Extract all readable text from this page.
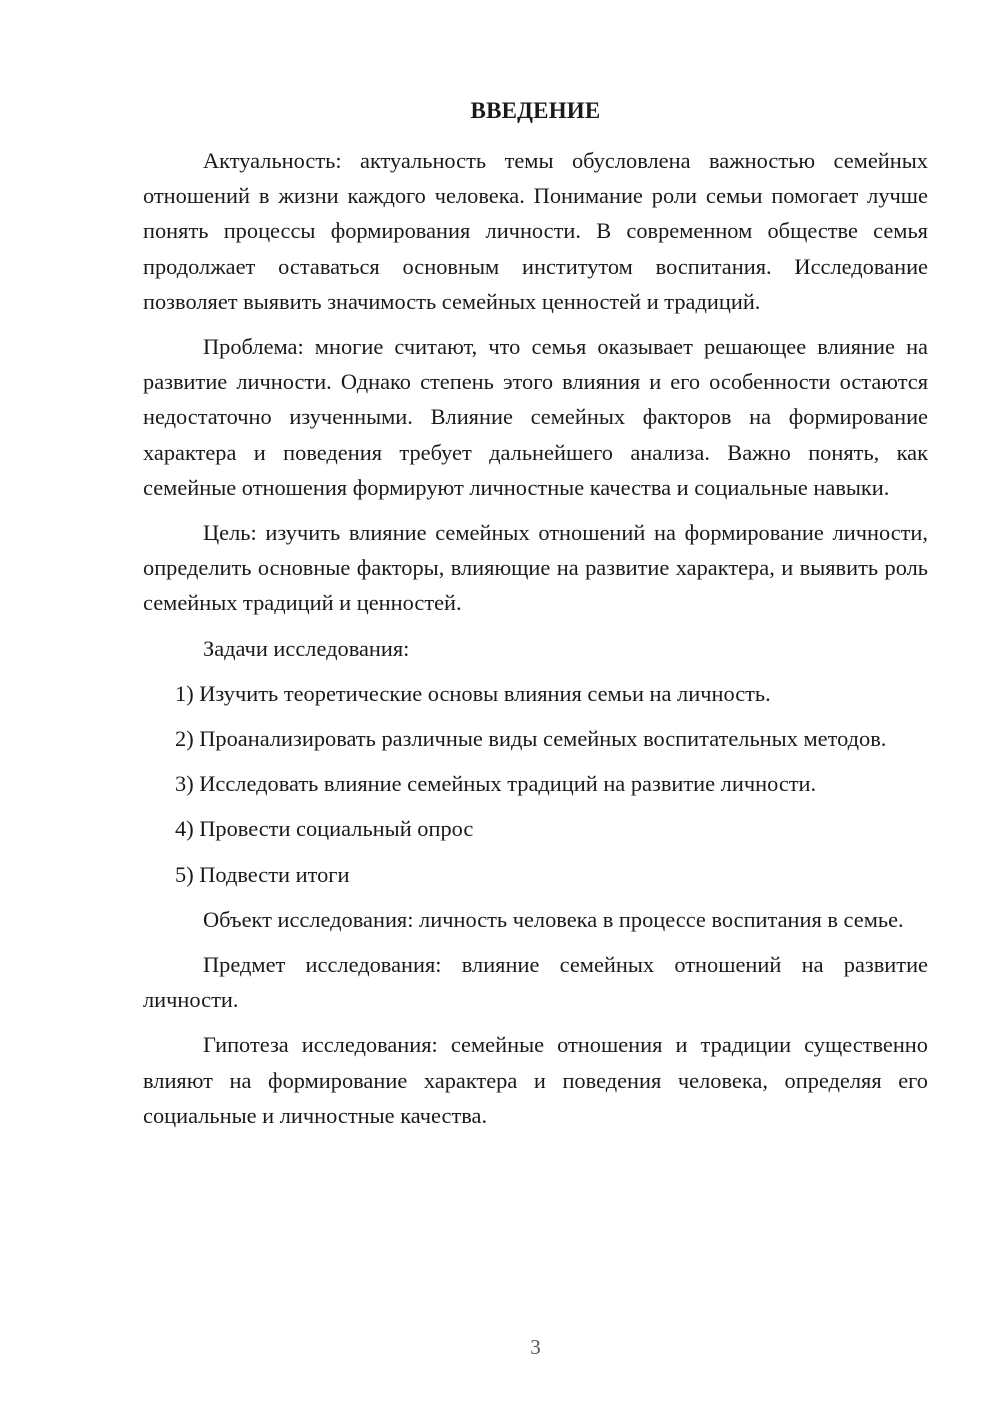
ВВЕДЕНИЕ

Актуальность: актуальность темы обусловлена важностью семейных отношений в жизни каждого человека. Понимание роли семьи помогает лучше понять процессы формирования личности. В современном обществе семья продолжает оставаться основным институтом воспитания. Исследование позволяет выявить значимость семейных ценностей и традиций.

Проблема: многие считают, что семья оказывает решающее влияние на развитие личности. Однако степень этого влияния и его особенности остаются недостаточно изученными. Влияние семейных факторов на формирование характера и поведения требует дальнейшего анализа. Важно понять, как семейные отношения формируют личностные качества и социальные навыки.

Цель: изучить влияние семейных отношений на формирование личности, определить основные факторы, влияющие на развитие характера, и выявить роль семейных традиций и ценностей.

Задачи исследования:

1) Изучить теоретические основы влияния семьи на личность.

2) Проанализировать различные виды семейных воспитательных методов.

3) Исследовать влияние семейных традиций на развитие личности.

4) Провести социальный опрос

5) Подвести итоги

Объект исследования: личность человека в процессе воспитания в семье.

Предмет исследования: влияние семейных отношений на развитие личности.

Гипотеза исследования: семейные отношения и традиции существенно влияют на формирование характера и поведения человека, определяя его социальные и личностные качества.

3
